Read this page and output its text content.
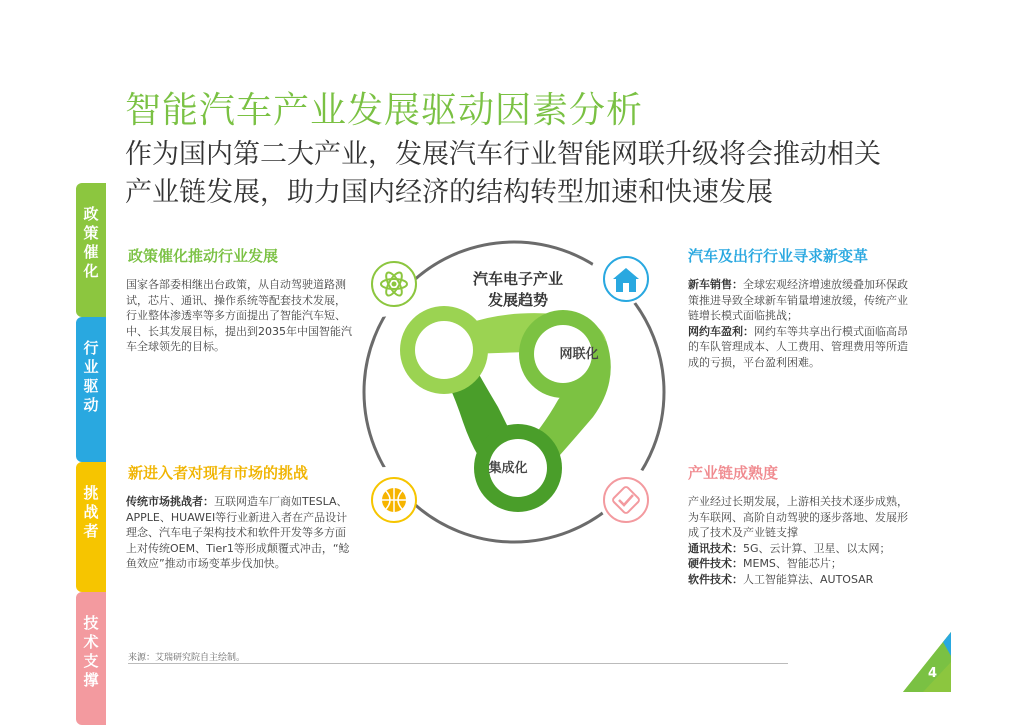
智能汽车产业发展驱动因素分析
作为国内第二大产业，发展汽车行业智能网联升级将会推动相关产业链发展，助力国内经济的结构转型加速和快速发展
政策催化
行业驱动
挑战者
技术支撑
政策催化推动行业发展
国家各部委相继出台政策，从自动驾驶道路测试，芯片、通讯、操作系统等配套技术发展，行业整体渗透率等多方面提出了智能汽车短、中、长其发展目标，提出到2035年中国智能汽车全球领先的目标。
汽车及出行行业寻求新变革
新车销售：全球宏观经济增速放缓叠加环保政策推进导致全球新车销量增速放缓，传统产业链增长模式面临挑战；
网约车盈利：网约车等共享出行模式面临高昂的车队管理成本、人工费用、管理费用等所造成的亏损，平台盈利困难。
新进入者对现有市场的挑战
传统市场挑战者：互联网造车厂商如TESLA、APPLE、HUAWEI等行业新进入者在产品设计理念、汽车电子架构技术和软件开发等多方面上对传统OEM、Tier1等形成颠覆式冲击，“鲶鱼效应”推动市场变革步伐加快。
产业链成熟度
产业经过长期发展，上游相关技术逐步成熟，为车联网、高阶自动驾驶的逐步落地、发展形成了技术及产业链支撑
通讯技术：5G、云计算、卫星、以太网；
硬件技术：MEMS、智能芯片；
软件技术：人工智能算法、AUTOSAR
汽车电子产业
发展趋势
网联化
集成化
来源：艾瑞研究院自主绘制。
4
